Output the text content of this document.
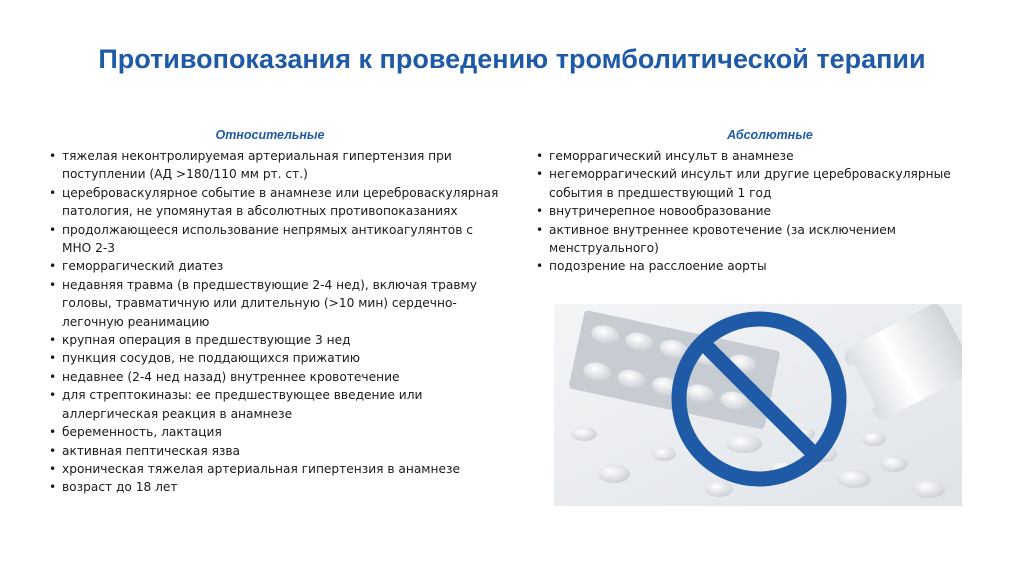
Противопоказания к проведению тромболитической терапии
Относительные
• тяжелая неконтролируемая артериальная гипертензия при поступлении (АД >180/110 мм рт. ст.)
• цереброваскулярное событие в анамнезе или цереброваскулярная патология, не упомянутая в абсолютных противопоказаниях
• продолжающееся использование непрямых антикоагулянтов с МНО 2-3
• геморрагический диатез
• недавняя травма (в предшествующие 2-4 нед), включая травму головы, травматичную или длительную (>10 мин) сердечно-легочную реанимацию
• крупная операция в предшествующие 3 нед
• пункция сосудов, не поддающихся прижатию
• недавнее (2-4 нед назад) внутреннее кровотечение
• для стрептокиназы: ее предшествующее введение или аллергическая реакция в анамнезе
• беременность, лактация
• активная пептическая язва
• хроническая тяжелая артериальная гипертензия в анамнезе
• возраст до 18 лет
Абсолютные
• геморрагический инсульт в анамнезе
• негеморрагический инсульт или другие цереброваскулярные события в предшествующий 1 год
• внутричерепное новообразование
• активное внутреннее кровотечение (за исключением менструального)
• подозрение на расслоение аорты
